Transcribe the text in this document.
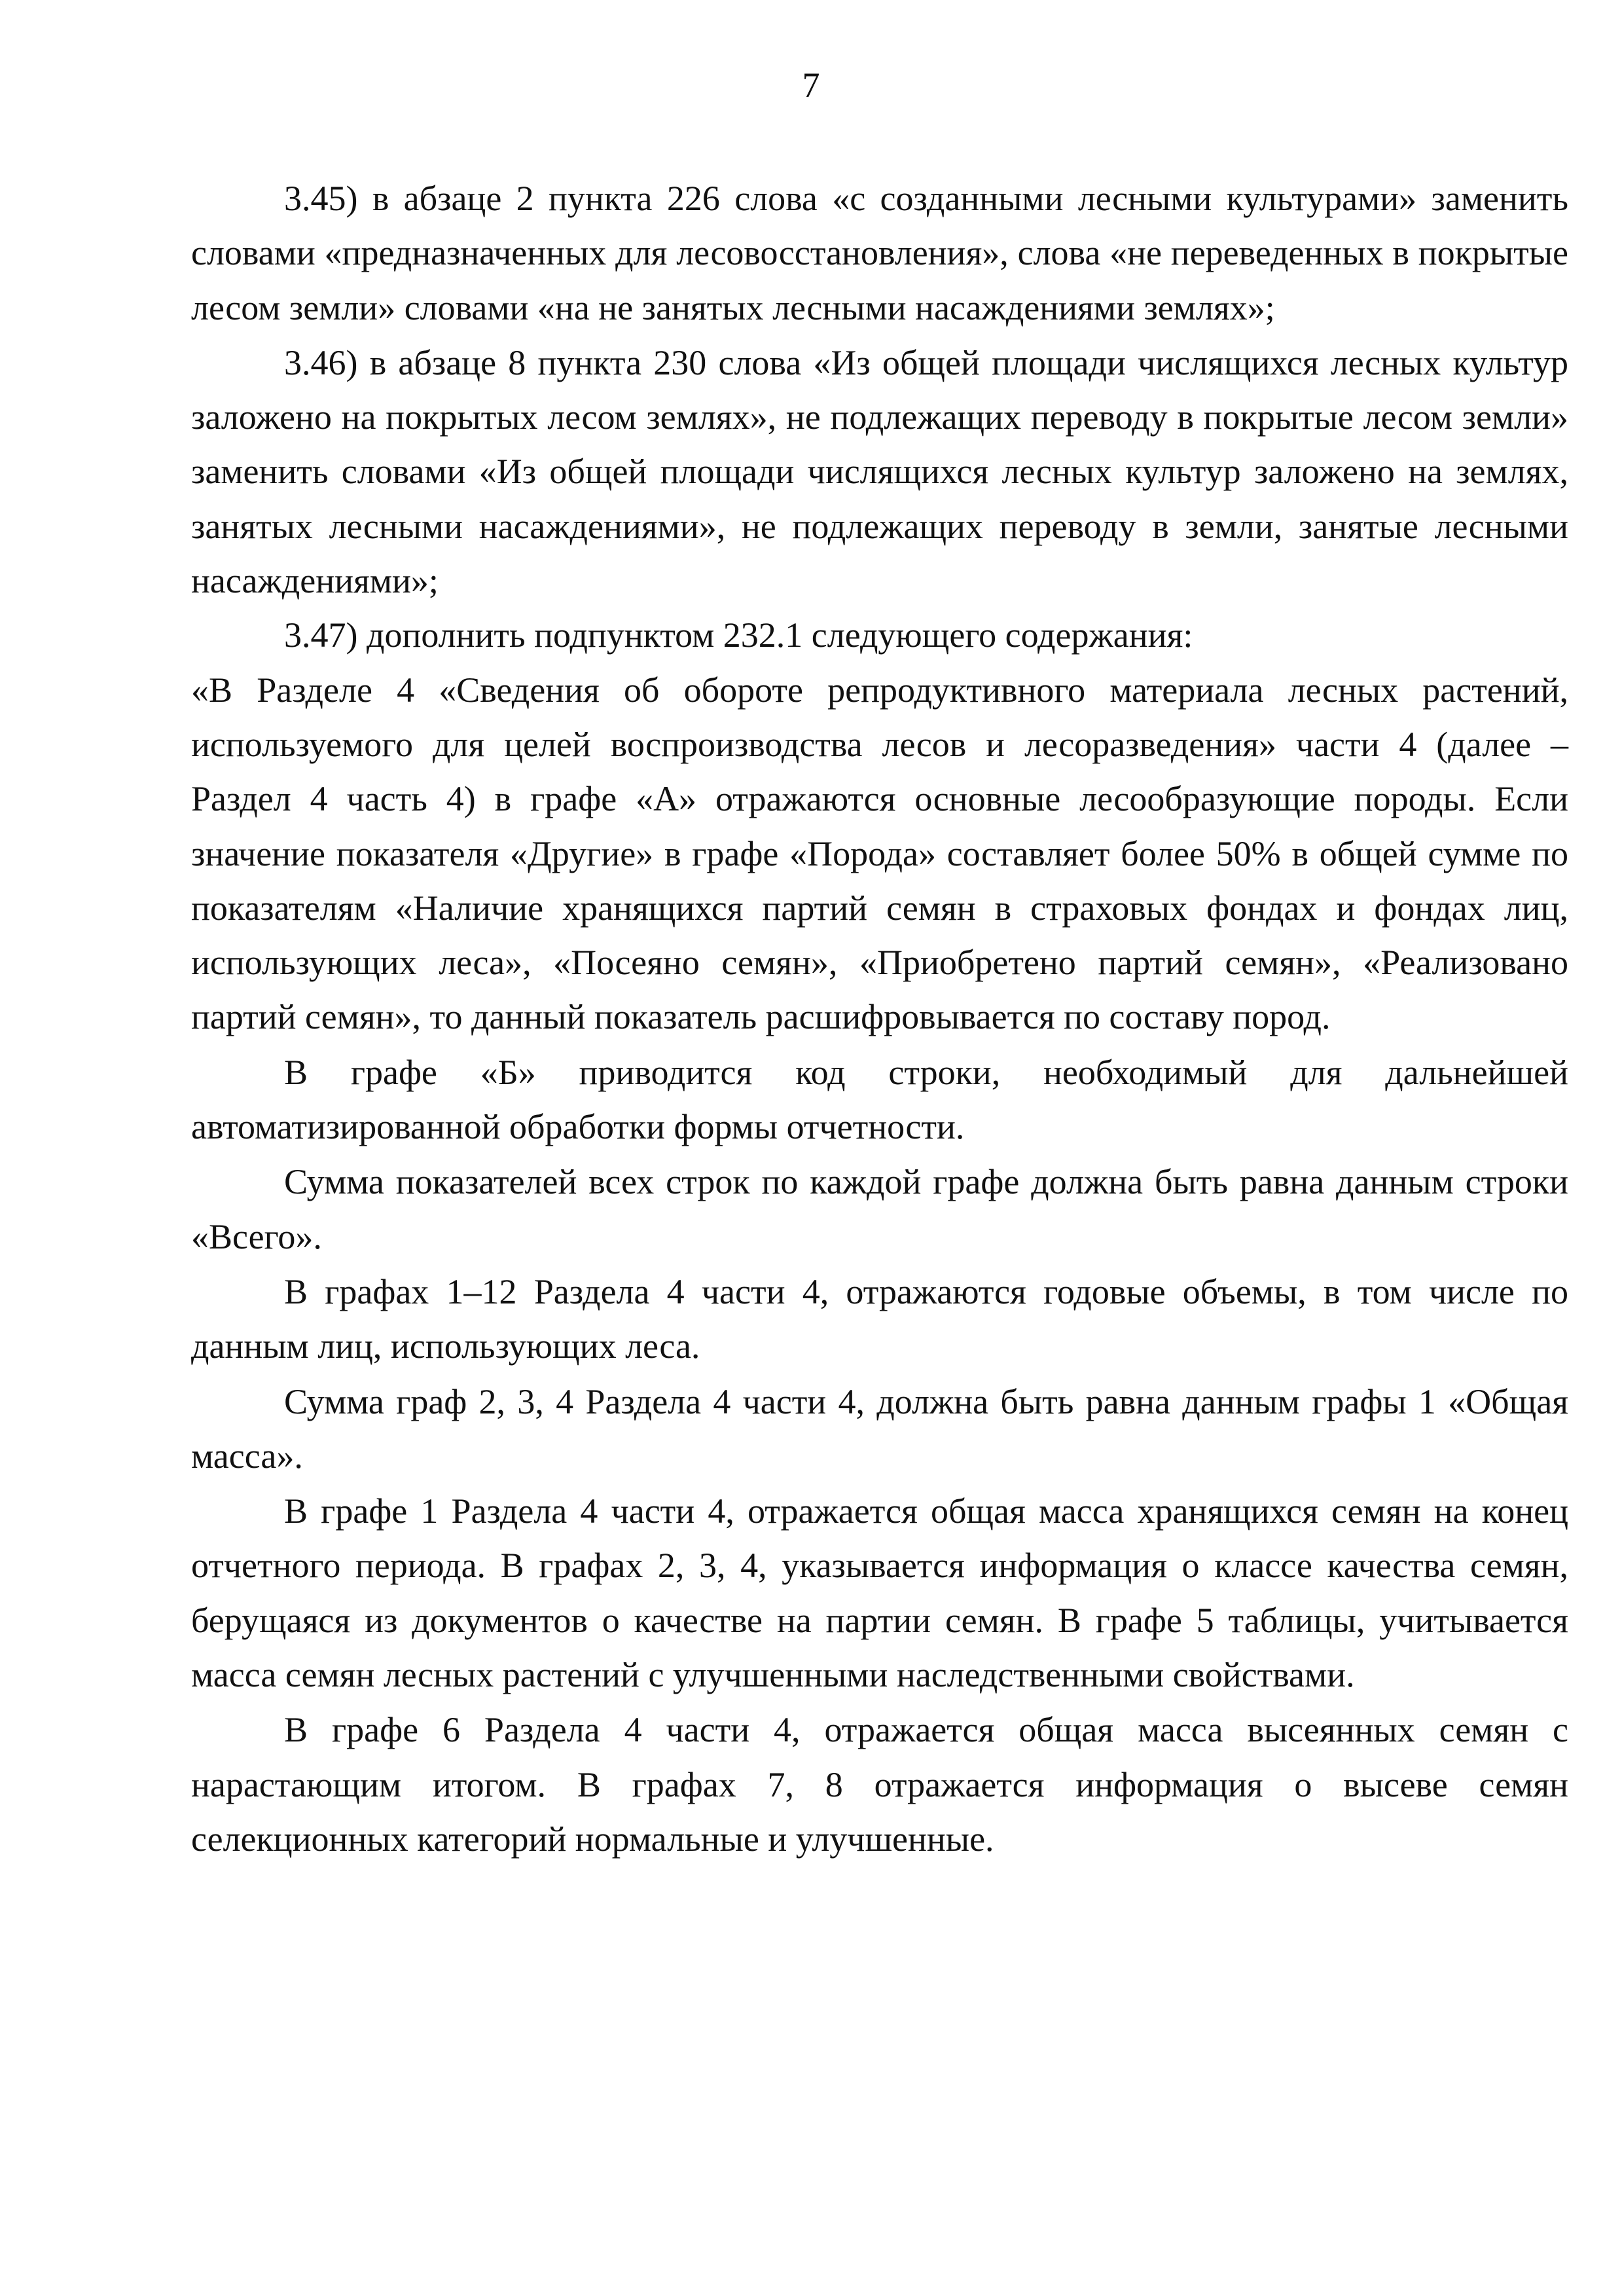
7

3.45) в абзаце 2 пункта 226 слова «с созданными лесными культурами» заменить словами «предназначенных для лесовосстановления», слова «не переведенных в покрытые лесом земли» словами «на не занятых лесными насаждениями землях»;

3.46) в абзаце 8 пункта 230 слова «Из общей площади числящихся лесных культур заложено на покрытых лесом землях», не подлежащих переводу в покрытые лесом земли» заменить словами «Из общей площади числящихся лесных культур заложено на землях, занятых лесными насаждениями», не подлежащих переводу в земли, занятые лесными насаждениями»;

3.47) дополнить подпунктом 232.1 следующего содержания:

«В Разделе 4 «Сведения об обороте репродуктивного материала лесных растений, используемого для целей воспроизводства лесов и лесоразведения» части 4 (далее – Раздел 4 часть 4) в графе «А» отражаются основные лесообразующие породы. Если значение показателя «Другие» в графе «Порода» составляет более 50% в общей сумме по показателям «Наличие хранящихся партий семян в страховых фондах и фондах лиц, использующих леса», «Посеяно семян», «Приобретено партий семян», «Реализовано партий семян», то данный показатель расшифровывается по составу пород.

В графе «Б» приводится код строки, необходимый для дальнейшей автоматизированной обработки формы отчетности.

Сумма показателей всех строк по каждой графе должна быть равна данным строки «Всего».

В графах 1–12 Раздела 4 части 4, отражаются годовые объемы, в том числе по данным лиц, использующих леса.

Сумма граф 2, 3, 4 Раздела 4 части 4, должна быть равна данным графы 1 «Общая масса».

В графе 1 Раздела 4 части 4, отражается общая масса хранящихся семян на конец отчетного периода. В графах 2, 3, 4, указывается информация о классе качества семян, берущаяся из документов о качестве на партии семян. В графе 5 таблицы, учитывается масса семян лесных растений с улучшенными наследственными свойствами.

В графе 6 Раздела 4 части 4, отражается общая масса высеянных семян с нарастающим итогом. В графах 7, 8 отражается информация о высеве семян селекционных категорий нормальные и улучшенные.
